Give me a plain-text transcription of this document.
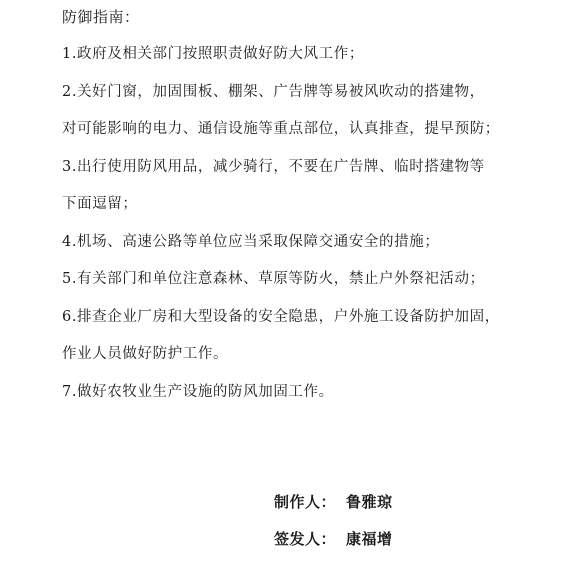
防御指南：
1.政府及相关部门按照职责做好防大风工作；
2.关好门窗，加固围板、棚架、广告牌等易被风吹动的搭建物，
对可能影响的电力、通信设施等重点部位，认真排查，提早预防；
3.出行使用防风用品，减少骑行，不要在广告牌、临时搭建物等
下面逗留；
4.机场、高速公路等单位应当采取保障交通安全的措施；
5.有关部门和单位注意森林、草原等防火，禁止户外祭祀活动；
6.排查企业厂房和大型设备的安全隐患，户外施工设备防护加固，
作业人员做好防护工作。
7.做好农牧业生产设施的防风加固工作。
制作人： 鲁雅琼
签发人： 康福增
